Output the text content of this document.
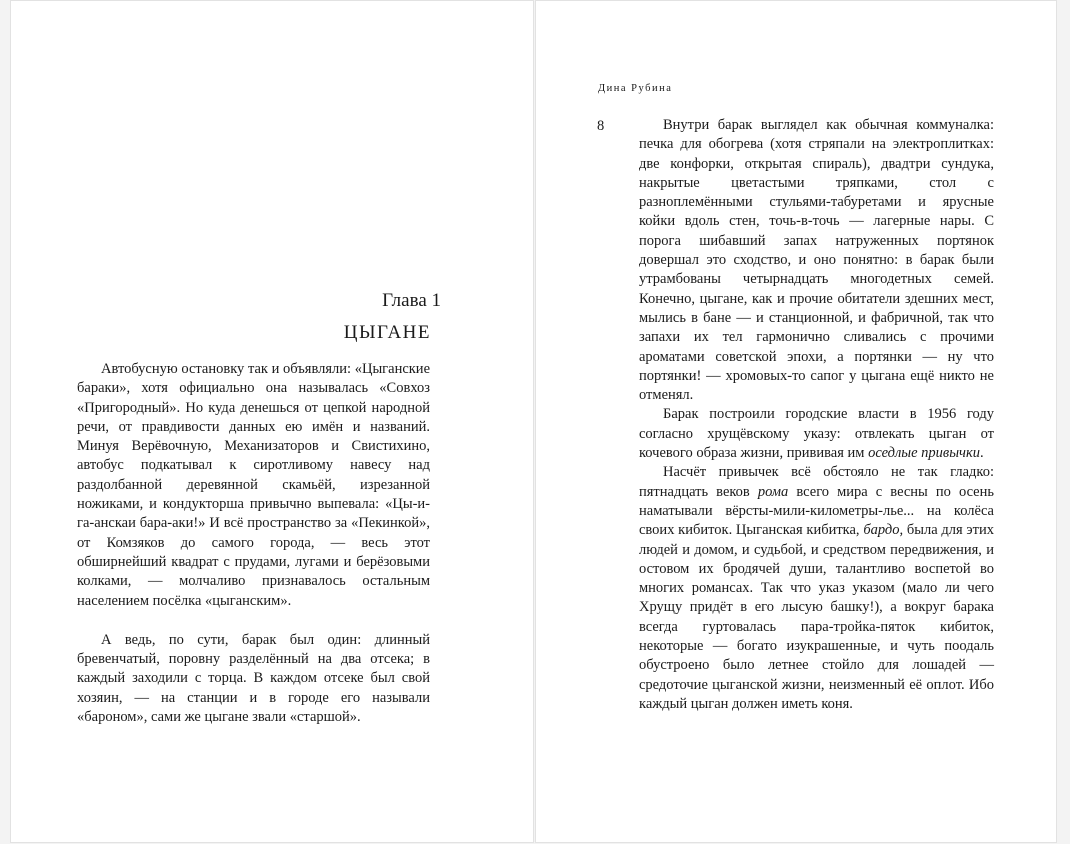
Глава 1
ЦЫГАНЕ

Автобусную остановку так и объявляли: «Цыганские бараки», хотя официально она называлась «Совхоз «Пригородный». Но куда денешься от цепкой народной речи, от правдивости данных ею имён и названий. Минуя Верёвочную, Механизаторов и Свистихино, автобус подкатывал к сиротливому навесу над раздолбанной деревянной скамьёй, изрезанной ножиками, и кондукторша привычно выпевала: «Цы-и-га-анскаи бара-аки!» И всё пространство за «Пекинкой», от Комзяков до самого города, — весь этот обширнейший квадрат с прудами, лугами и берёзовыми колками, — молчаливо признавалось остальным населением посёлка «цыганским».

А ведь, по сути, барак был один: длинный бревенчатый, поровну разделённый на два отсека; в каждый заходили с торца. В каждом отсеке был свой хозяин, — на станции и в городе его называли «бароном», сами же цыгане звали «старшой».

Дина Рубина
8	Внутри барак выглядел как обычная коммуналка: печка для обогрева (хотя стряпали на электроплитках: две конфорки, открытая спираль), двадтри сундука, накрытые цветастыми тряпками, стол с разноплемёнными стульями-табуретами и ярусные койки вдоль стен, точь-в-точь — лагерные нары. С порога шибавший запах натруженных портянок довершал это сходство, и оно понятно: в барак были утрамбованы четырнадцать многодетных семей. Конечно, цыгане, как и прочие обитатели здешних мест, мылись в бане — и станционной, и фабричной, так что запахи их тел гармонично сливались с прочими ароматами советской эпохи, а портянки — ну что портянки! — хромовых-то сапог у цыгана ещё никто не отменял.

Барак построили городские власти в 1956 году согласно хрущёвскому указу: отвлекать цыган от кочевого образа жизни, прививая им оседлые привычки.

Насчёт привычек всё обстояло не так гладко: пятнадцать веков рома всего мира с весны по осень наматывали вёрсты-мили-километры-лье... на колёса своих кибиток. Цыганская кибитка, бардо, была для этих людей и домом, и судьбой, и средством передвижения, и остовом их бродячей души, талантливо воспетой во многих романсах. Так что указ указом (мало ли чего Хрущу придёт в его лысую башку!), а вокруг барака всегда гуртовалась пара-тройка-пяток кибиток, некоторые — богато изукрашенные, и чуть поодаль обустроено было летнее стойло для лошадей — средоточие цыганской жизни, неизменный её оплот. Ибо каждый цыган должен иметь коня.
